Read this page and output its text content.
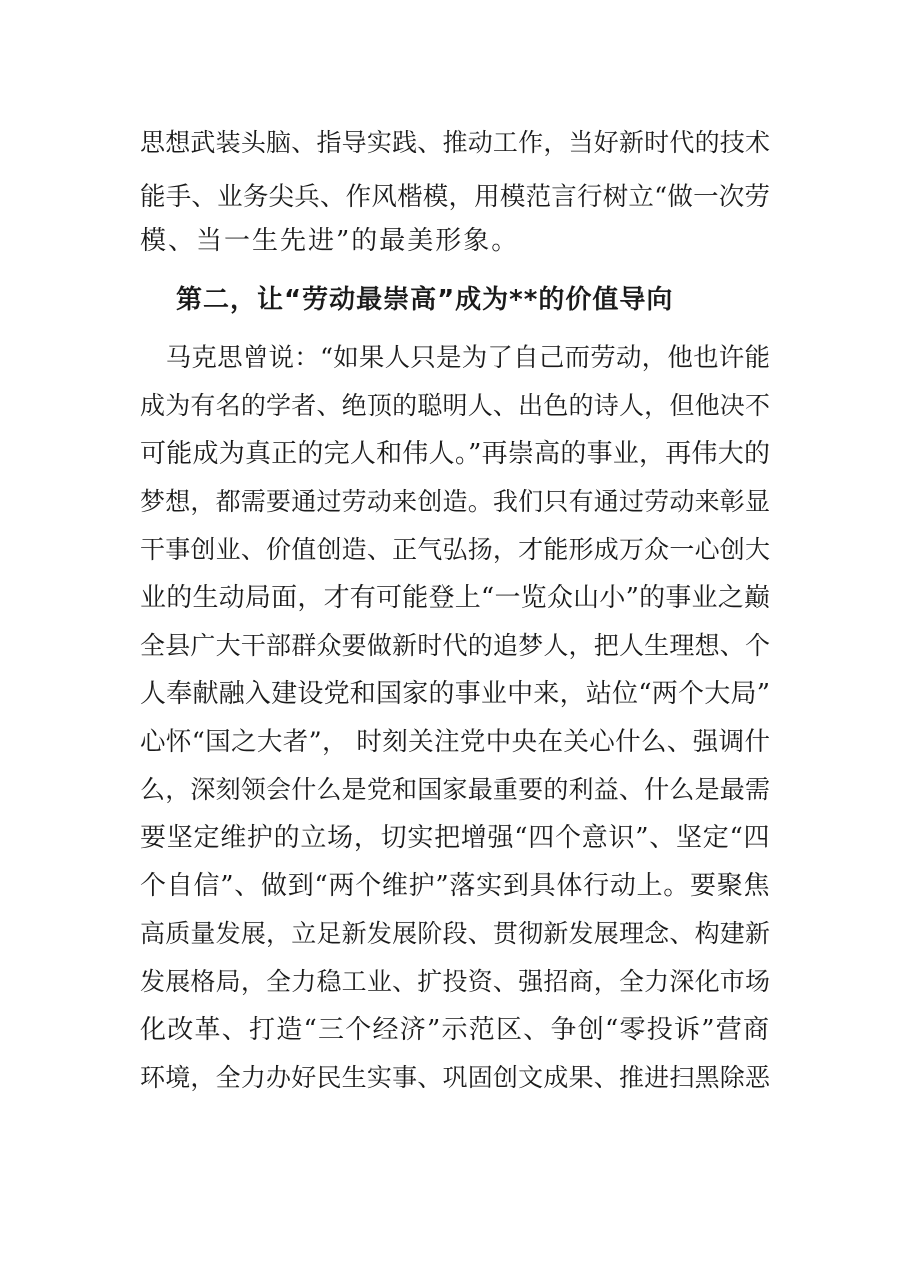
思想武装头脑、指导实践、推动工作，当好新时代的技术
能手、业务尖兵、作风楷模，用模范言行树立“做一次劳
模、当一生先进”的最美形象。
第二，让“劳动最崇高”成为**的价值导向
　马克思曾说：“如果人只是为了自己而劳动，他也许能
成为有名的学者、绝顶的聪明人、出色的诗人，但他决不
可能成为真正的完人和伟人。”再崇高的事业，再伟大的
梦想，都需要通过劳动来创造。我们只有通过劳动来彰显
干事创业、价值创造、正气弘扬，才能形成万众一心创大
业的生动局面，才有可能登上“一览众山小”的事业之巅
全县广大干部群众要做新时代的追梦人，把人生理想、个
人奉献融入建设党和国家的事业中来，站位“两个大局”
心怀“国之大者”， 时刻关注党中央在关心什么、强调什
么，深刻领会什么是党和国家最重要的利益、什么是最需
要坚定维护的立场，切实把增强“四个意识”、坚定“四
个自信”、做到“两个维护”落实到具体行动上。要聚焦
高质量发展，立足新发展阶段、贯彻新发展理念、构建新
发展格局，全力稳工业、扩投资、强招商，全力深化市场
化改革、打造“三个经济”示范区、争创“零投诉”营商
环境，全力办好民生实事、巩固创文成果、推进扫黑除恶
